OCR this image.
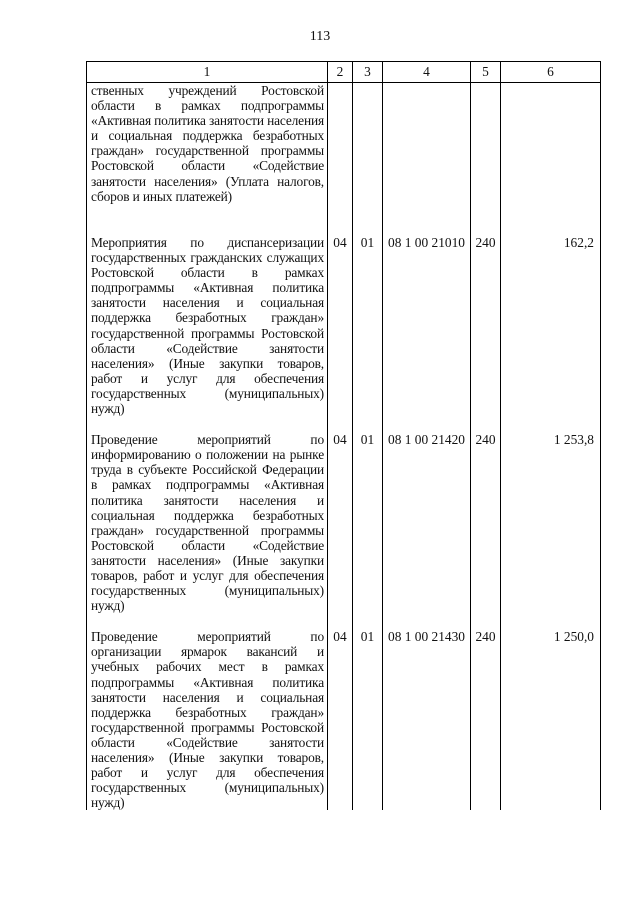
113
1	2	3	4	5	6
ственных учреждений Ростовской области в рамках подпрограммы «Активная политика занятости населения и социальная поддержка безработных граждан» государственной программы Ростовской области «Содействие занятости населения» (Уплата налогов, сборов и иных платежей)					
Мероприятия по диспансеризации государственных гражданских служащих Ростовской области в рамках подпрограммы «Активная политика занятости населения и социальная поддержка безработных граждан» государственной программы Ростовской области «Содействие занятости населения» (Иные закупки товаров, работ и услуг для обеспечения государственных (муниципальных) нужд)	04	01	08 1 00 21010	240	162,2
Проведение мероприятий по информированию о положении на рынке труда в субъекте Российской Федерации в рамках подпрограммы «Активная политика занятости населения и социальная поддержка безработных граждан» государственной программы Ростовской области «Содействие занятости населения» (Иные закупки товаров, работ и услуг для обеспечения государственных (муниципальных) нужд)	04	01	08 1 00 21420	240	1 253,8
Проведение мероприятий по организации ярмарок вакансий и учебных рабочих мест в рамках подпрограммы «Активная политика занятости населения и социальная поддержка безработных граждан» государственной программы Ростовской области «Содействие занятости населения» (Иные закупки товаров, работ и услуг для обеспечения государственных (муниципальных) нужд)	04	01	08 1 00 21430	240	1 250,0
